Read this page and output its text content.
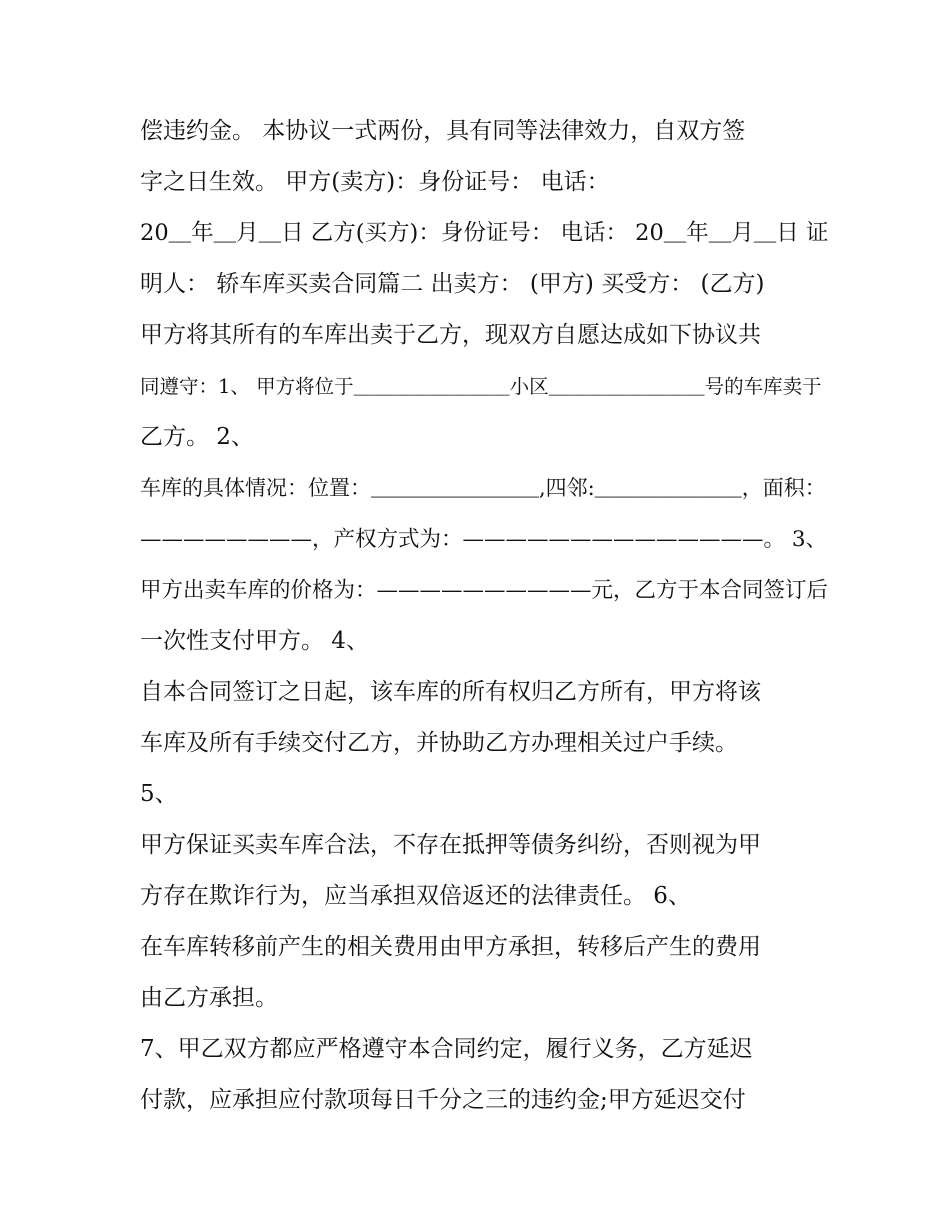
偿违约金。 本协议一式两份，具有同等法律效力，自双方签
字之日生效。 甲方(卖方)：身份证号： 电话：
20＿年＿月＿日 乙方(买方)：身份证号： 电话： 20＿年＿月＿日 证
明人： 轿车库买卖合同篇二 出卖方： (甲方) 买受方： (乙方)
甲方将其所有的车库出卖于乙方，现双方自愿达成如下协议共
同遵守：1、 甲方将位于＿＿＿＿＿＿＿＿小区＿＿＿＿＿＿＿＿号的车库卖于
乙方。 2、
车库的具体情况：位置：＿＿＿＿＿＿＿＿,四邻:＿＿＿＿＿＿＿，面积：
————————，产权方式为：——————————————。 3、
甲方出卖车库的价格为：——————————元，乙方于本合同签订后
一次性支付甲方。 4、
自本合同签订之日起，该车库的所有权归乙方所有，甲方将该
车库及所有手续交付乙方，并协助乙方办理相关过户手续。
5、
甲方保证买卖车库合法，不存在抵押等债务纠纷，否则视为甲
方存在欺诈行为，应当承担双倍返还的法律责任。 6、
在车库转移前产生的相关费用由甲方承担，转移后产生的费用
由乙方承担。
7、甲乙双方都应严格遵守本合同约定，履行义务，乙方延迟
付款，应承担应付款项每日千分之三的违约金;甲方延迟交付
